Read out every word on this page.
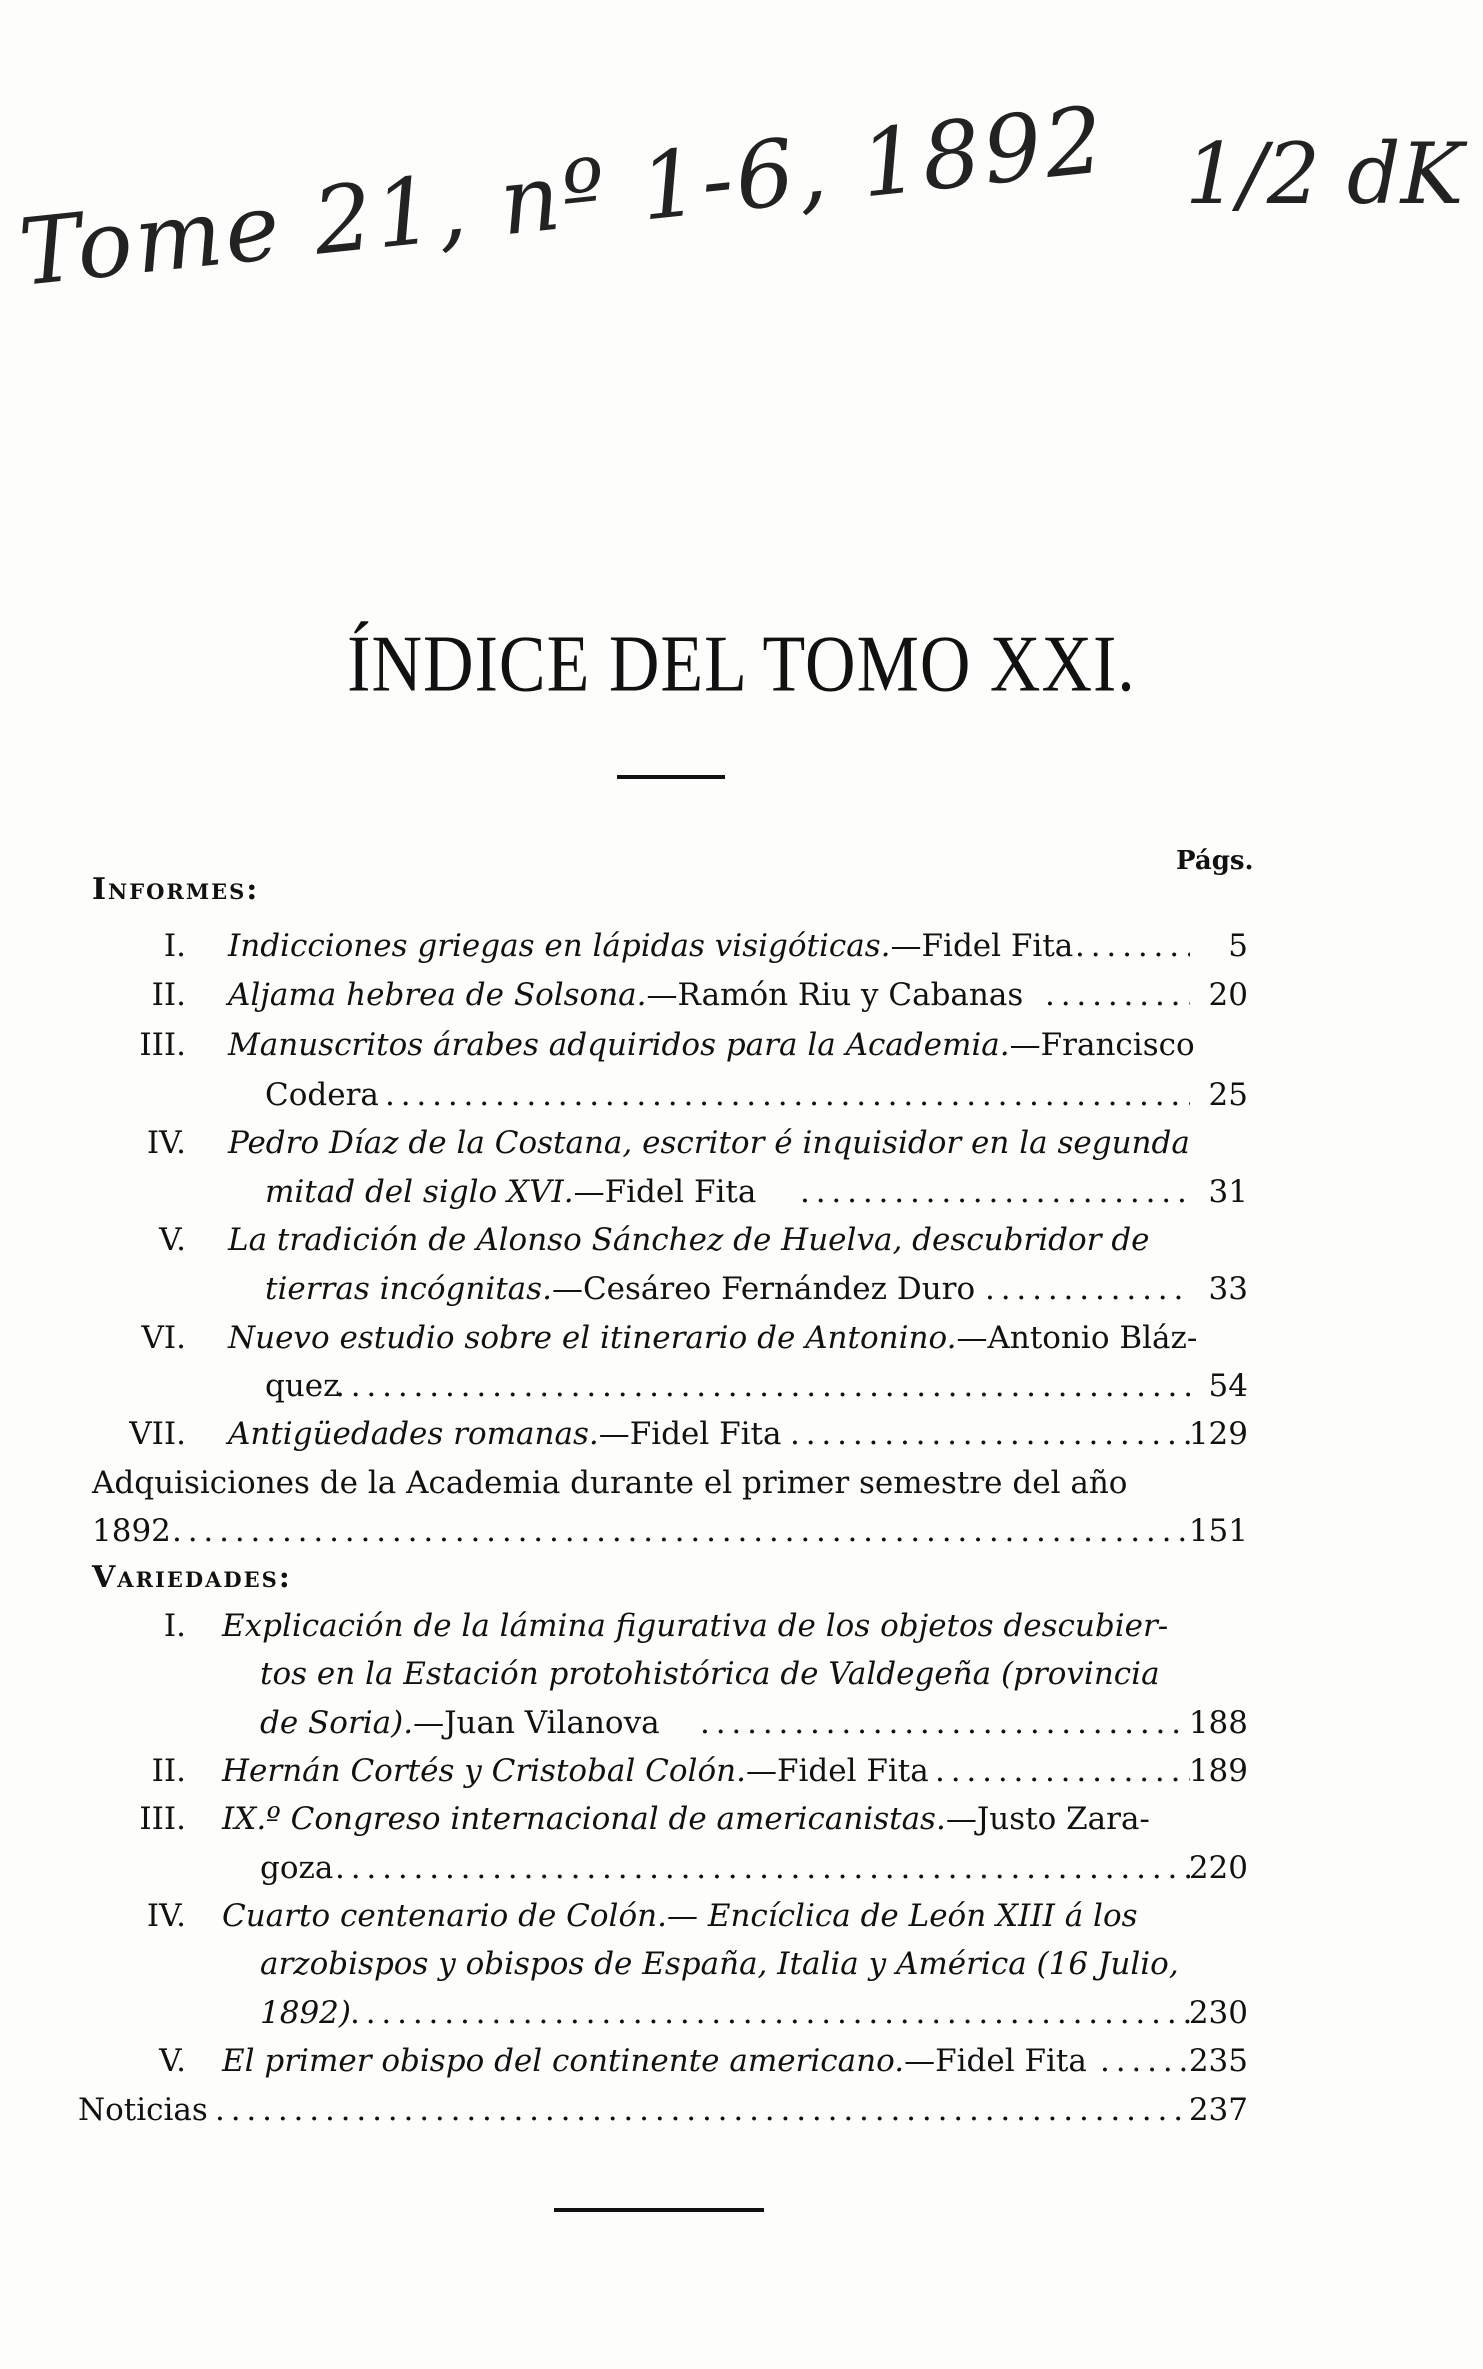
Tome 21, nº 1-6, 1892 1/2 dK
ÍNDICE DEL TOMO XXI.
Págs.
Informes:
I. Indicciones griegas en lápidas visigóticas.—Fidel Fita . . .	5
II. Aljama hebrea de Solsona.—Ramón Riu y Cabanas . . .	20
III. Manuscritos árabes adquiridos para la Academia.—Francisco
Codera . . .	25
IV. Pedro Díaz de la Costana, escritor é inquisidor en la segunda
mitad del siglo XVI.—Fidel Fita . . .	31
V. La tradición de Alonso Sánchez de Huelva, descubridor de
tierras incógnitas.—Cesáreo Fernández Duro . . .	33
VI. Nuevo estudio sobre el itinerario de Antonino.—Antonio Bláz-
quez . . .	54
VII. Antigüedades romanas.—Fidel Fita . . .	129
Adquisiciones de la Academia durante el primer semestre del año
1892 . . .	151
Variedades:
I. Explicación de la lámina figurativa de los objetos descubier-
tos en la Estación protohistórica de Valdegeña (provincia
de Soria).—Juan Vilanova . . .	188
II. Hernán Cortés y Cristobal Colón.—Fidel Fita . . .	189
III. IX.º Congreso internacional de americanistas.—Justo Zara-
goza . . .	220
IV. Cuarto centenario de Colón.— Encíclica de León XIII á los
arzobispos y obispos de España, Italia y América (16 Julio,
1892) . . .	230
V. El primer obispo del continente americano.—Fidel Fita . . .	235
Noticias . . .	237
